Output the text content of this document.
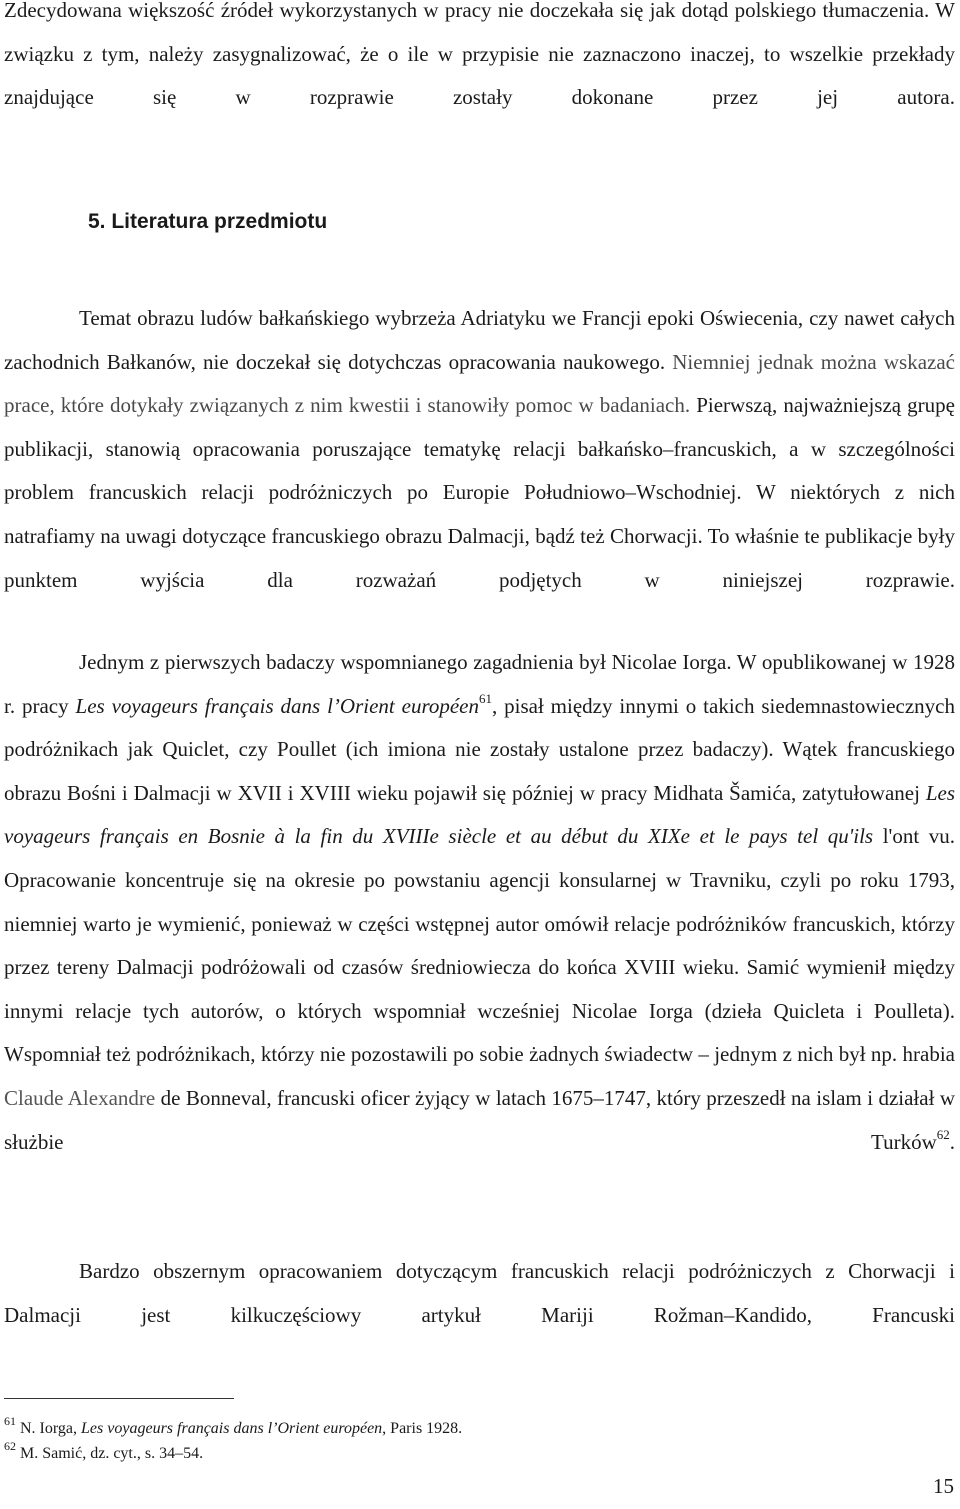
Zdecydowana większość źródeł wykorzystanych w pracy nie doczekała się jak dotąd polskiego tłumaczenia. W związku z tym, należy zasygnalizować, że o ile w przypisie nie zaznaczono inaczej, to wszelkie przekłady znajdujące się w rozprawie zostały dokonane przez jej autora.

5. Literatura przedmiotu

Temat obrazu ludów bałkańskiego wybrzeża Adriatyku we Francji epoki Oświecenia, czy nawet całych zachodnich Bałkanów, nie doczekał się dotychczas opracowania naukowego. Niemniej jednak można wskazać prace, które dotykały związanych z nim kwestii i stanowiły pomoc w badaniach. Pierwszą, najważniejszą grupę publikacji, stanowią opracowania poruszające tematykę relacji bałkańsko–francuskich, a w szczególności problem francuskich relacji podróżniczych po Europie Południowo–Wschodniej. W niektórych z nich natrafiamy na uwagi dotyczące francuskiego obrazu Dalmacji, bądź też Chorwacji. To właśnie te publikacje były punktem wyjścia dla rozważań podjętych w niniejszej rozprawie.

Jednym z pierwszych badaczy wspomnianego zagadnienia był Nicolae Iorga. W opublikowanej w 1928 r. pracy Les voyageurs français dans l’Orient européen$^{61}$, pisał między innymi o takich siedemnastowiecznych podróżnikach jak Quiclet, czy Poullet (ich imiona nie zostały ustalone przez badaczy). Wątek francuskiego obrazu Bośni i Dalmacji w XVII i XVIII wieku pojawił się później w pracy Midhata Šamića, zatytułowanej Les voyageurs français en Bosnie à la fin du XVIIIe siècle et au début du XIXe et le pays tel qu'ils l'ont vu. Opracowanie koncentruje się na okresie po powstaniu agencji konsularnej w Travniku, czyli po roku 1793, niemniej warto je wymienić, ponieważ w części wstępnej autor omówił relacje podróżników francuskich, którzy przez tereny Dalmacji podróżowali od czasów średniowiecza do końca XVIII wieku. Samić wymienił między innymi relacje tych autorów, o których wspomniał wcześniej Nicolae Iorga (dzieła Quicleta i Poulleta). Wspomniał też podróżnikach, którzy nie pozostawili po sobie żadnych świadectw – jednym z nich był np. hrabia Claude Alexandre de Bonneval, francuski oficer żyjący w latach 1675–1747, który przeszedł na islam i działał w służbie Turków$^{62}$.

Bardzo obszernym opracowaniem dotyczącym francuskich relacji podróżniczych z Chorwacji i Dalmacji jest kilkuczęściowy artykuł Mariji Rožman–Kandido, Francuski

$^{61}$ N. Iorga, Les voyageurs français dans l’Orient européen, Paris 1928.

$^{62}$ M. Samić, dz. cyt., s. 34–54.

15
